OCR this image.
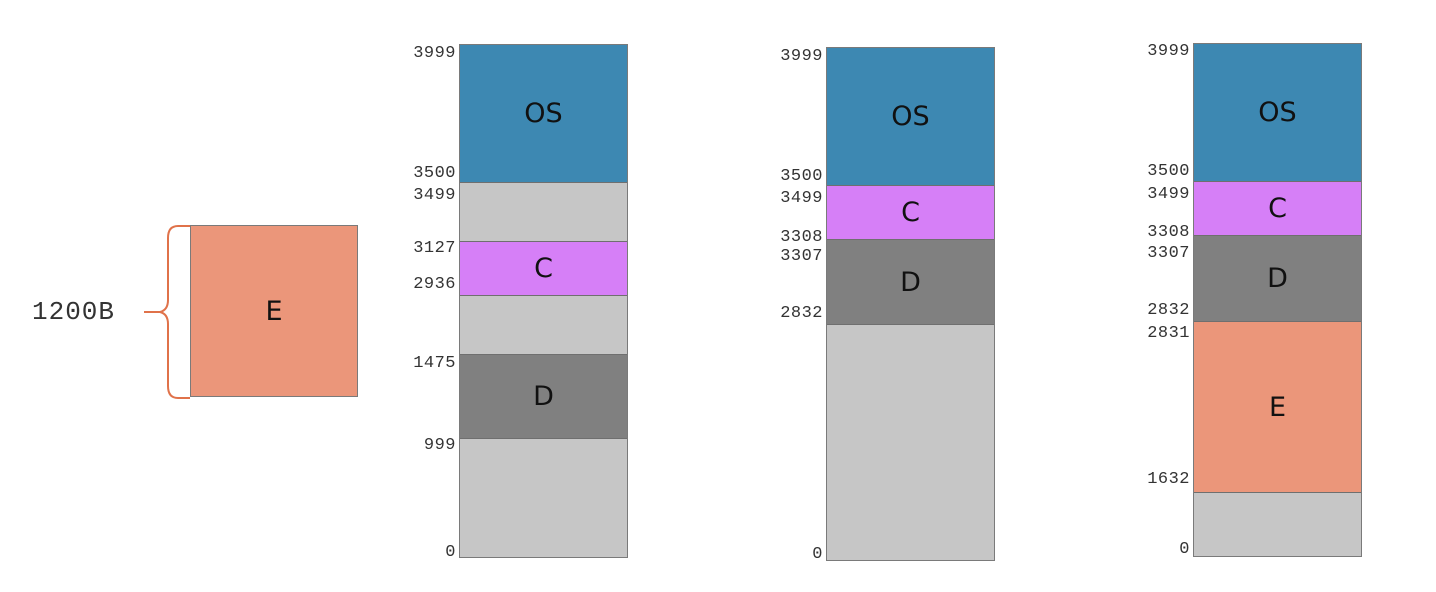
1200B	E
OS
C
D
3999
3500
3499
3127
2936
1475
999
0
OS
C
D
3999
3500
3499
3308
3307
2832
0
OS
C
D
E
3999
3500
3499
3308
3307
2832
2831
1632
0
